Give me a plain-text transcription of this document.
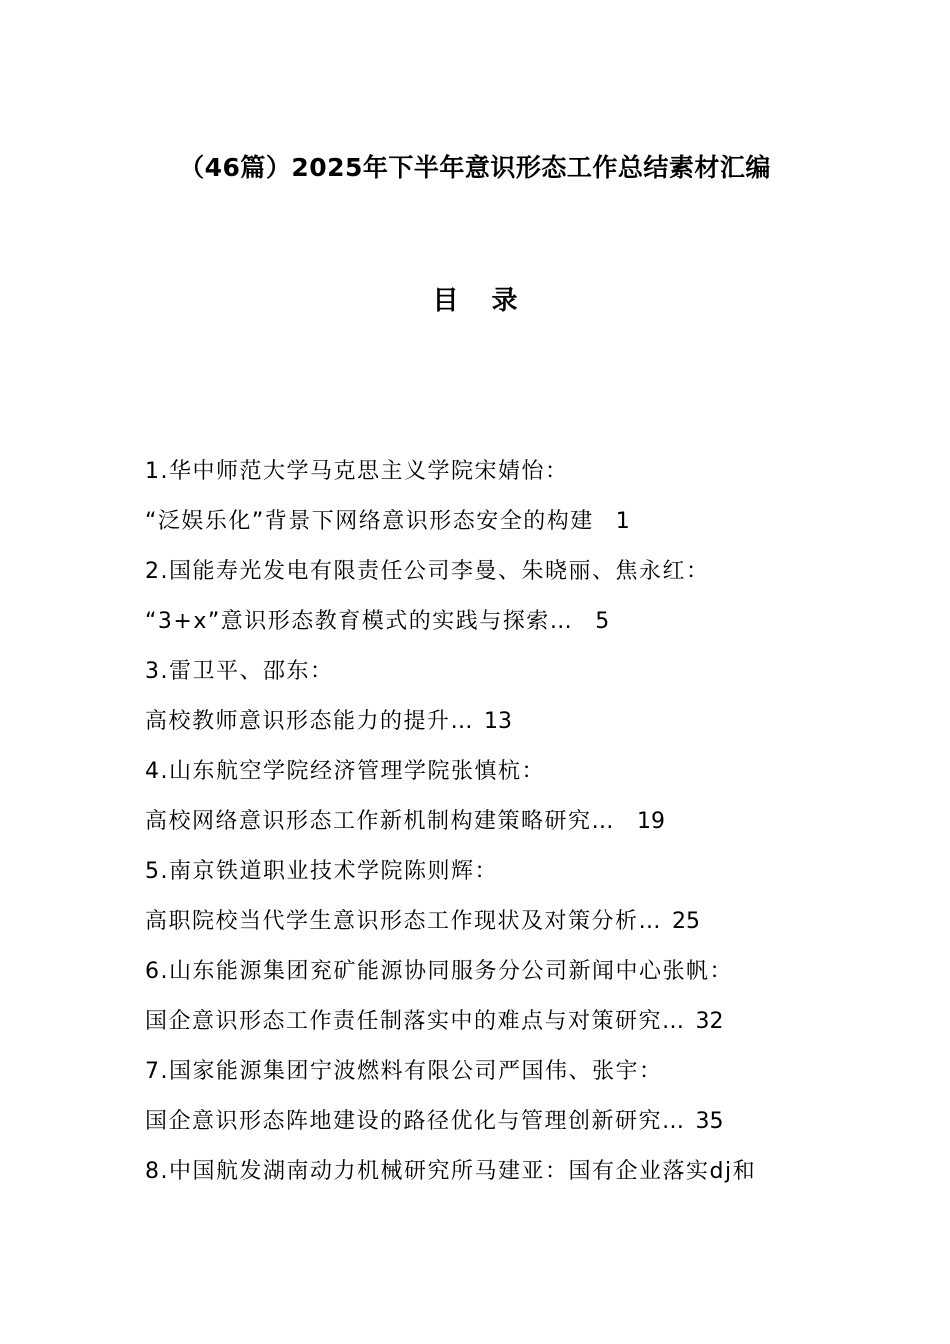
（46篇）2025年下半年意识形态工作总结素材汇编
目 录
1.华中师范大学马克思主义学院宋婧怡：
“泛娱乐化”背景下网络意识形态安全的构建 1
2.国能寿光发电有限责任公司李曼、朱晓丽、焦永红：
“3+x”意识形态教育模式的实践与探索… 5
3.雷卫平、邵东：
高校教师意识形态能力的提升… 13
4.山东航空学院经济管理学院张慎杭：
高校网络意识形态工作新机制构建策略研究… 19
5.南京铁道职业技术学院陈则辉：
高职院校当代学生意识形态工作现状及对策分析… 25
6.山东能源集团兖矿能源协同服务分公司新闻中心张帆：
国企意识形态工作责任制落实中的难点与对策研究… 32
7.国家能源集团宁波燃料有限公司严国伟、张宇：
国企意识形态阵地建设的路径优化与管理创新研究… 35
8.中国航发湖南动力机械研究所马建亚：国有企业落实dj和
